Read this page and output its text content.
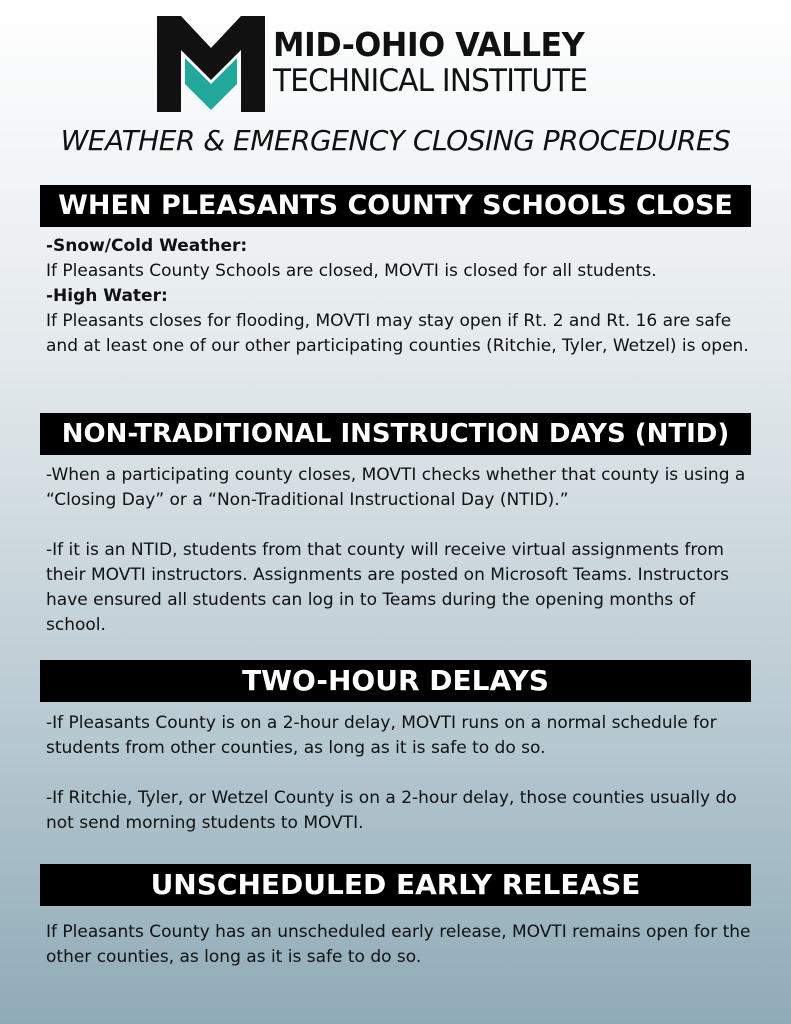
MID-OHIO VALLEY
TECHNICAL INSTITUTE
WEATHER & EMERGENCY CLOSING PROCEDURES
WHEN PLEASANTS COUNTY SCHOOLS CLOSE

-Snow/Cold Weather:

If Pleasants County Schools are closed, MOVTI is closed for all students.

-High Water:

If Pleasants closes for flooding, MOVTI may stay open if Rt. 2 and Rt. 16 are safe and at least one of our other participating counties (Ritchie, Tyler, Wetzel) is open.

NON-TRADITIONAL INSTRUCTION DAYS (NTID)

-When a participating county closes, MOVTI checks whether that county is using a “Closing Day” or a “Non-Traditional Instructional Day (NTID).”

-If it is an NTID, students from that county will receive virtual assignments from their MOVTI instructors. Assignments are posted on Microsoft Teams. Instructors have ensured all students can log in to Teams during the opening months of school.

TWO-HOUR DELAYS

-If Pleasants County is on a 2-hour delay, MOVTI runs on a normal schedule for students from other counties, as long as it is safe to do so.

-If Ritchie, Tyler, or Wetzel County is on a 2-hour delay, those counties usually do not send morning students to MOVTI.

UNSCHEDULED EARLY RELEASE

If Pleasants County has an unscheduled early release, MOVTI remains open for the other counties, as long as it is safe to do so.
